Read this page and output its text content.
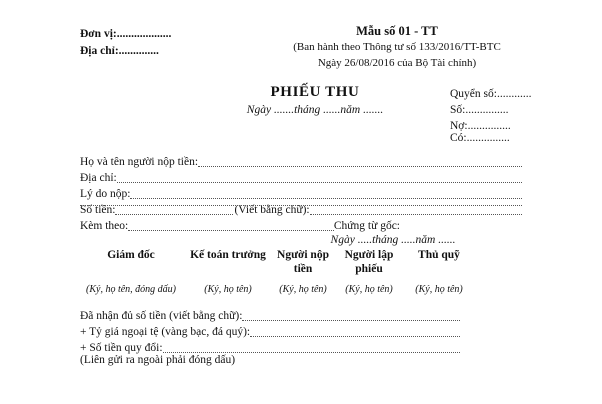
Đơn vị:...................
Địa chỉ:..............
Mẫu số 01 - TT
(Ban hành theo Thông tư số 133/2016/TT-BTC
Ngày 26/08/2016 của Bộ Tài chính)
PHIẾU THU
Ngày .......tháng ......năm .......
Quyển số:............
Số:...............
Nợ:...............
Có:...............
Họ và tên người nộp tiền:
Địa chỉ:
Lý do nộp:
Số tiền:	(Viết bằng chữ):
Kèm theo:	Chứng từ gốc:
Ngày .....tháng .....năm ......
Giám đốc
(Ký, họ tên, đóng dấu)
Kế toán trưởng
(Ký, họ tên)
Người nộp tiền
(Ký, họ tên)
Người lập phiếu
(Ký, họ tên)
Thủ quỹ
(Ký, họ tên)
Đã nhận đủ số tiền (viết bằng chữ):
+ Tỷ giá ngoại tệ (vàng bạc, đá quý):
+ Số tiền quy đổi:
(Liên gửi ra ngoài phải đóng dấu)
